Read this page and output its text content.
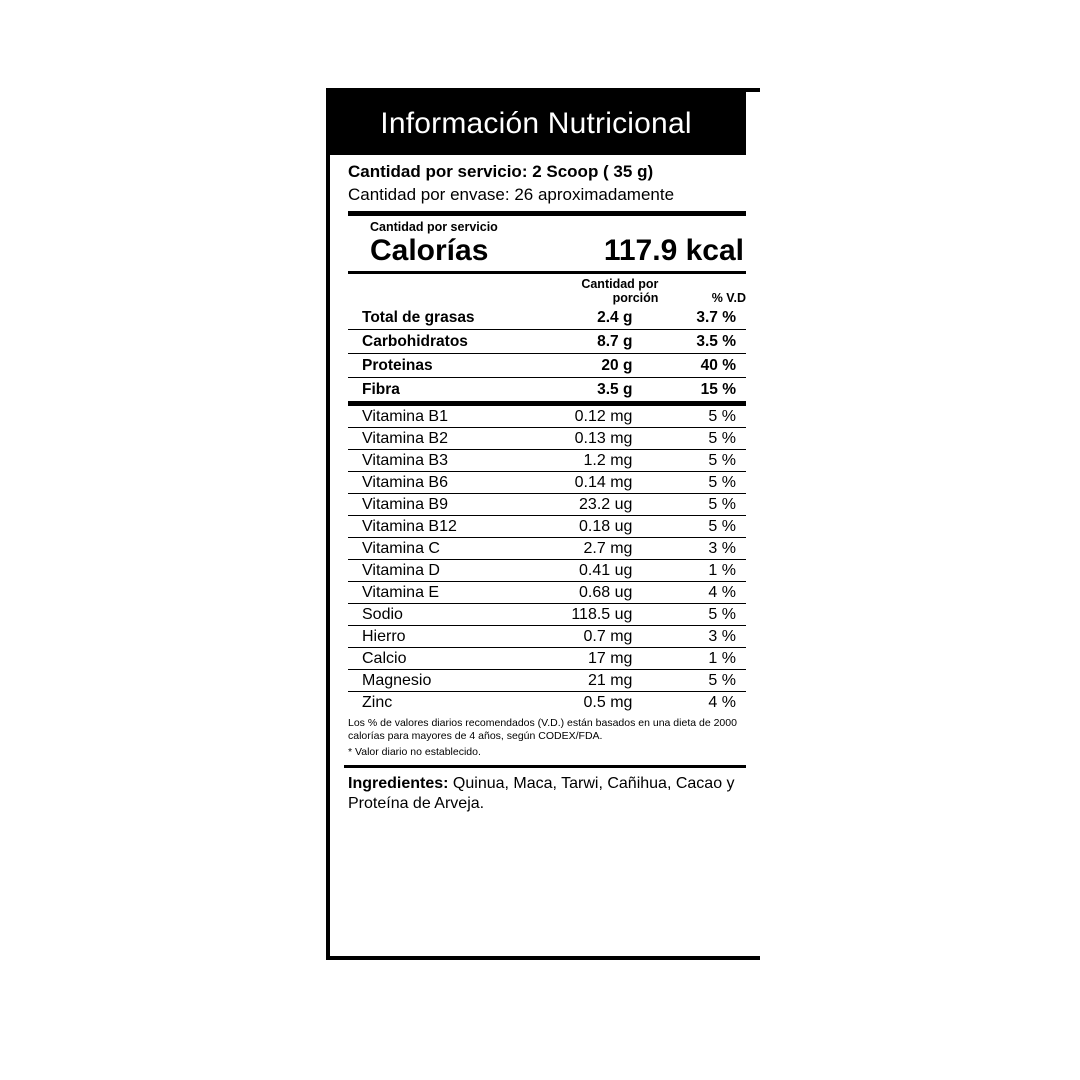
Información Nutricional
Cantidad por servicio: 2 Scoop ( 35 g)
Cantidad por envase: 26 aproximadamente
Cantidad por servicio
Calorías	117.9 kcal
	Cantidad por porción	% V.D
Total de grasas	2.4 g	3.7 %
Carbohidratos	8.7 g	3.5 %
Proteinas	20 g	40 %
Fibra	3.5 g	15 %
Vitamina B1	0.12 mg	5 %
Vitamina B2	0.13 mg	5 %
Vitamina B3	1.2 mg	5 %
Vitamina B6	0.14 mg	5 %
Vitamina B9	23.2 ug	5 %
Vitamina B12	0.18 ug	5 %
Vitamina C	2.7 mg	3 %
Vitamina D	0.41 ug	1 %
Vitamina E	0.68 ug	4 %
Sodio	118.5 ug	5 %
Hierro	0.7 mg	3 %
Calcio	17 mg	1 %
Magnesio	21 mg	5 %
Zinc	0.5 mg	4 %
Los % de valores diarios recomendados (V.D.) están basados en una dieta de 2000 calorías para mayores de 4 años, según CODEX/FDA.
* Valor diario no establecido.
Ingredientes: Quinua, Maca, Tarwi, Cañihua, Cacao y Proteína de Arveja.
